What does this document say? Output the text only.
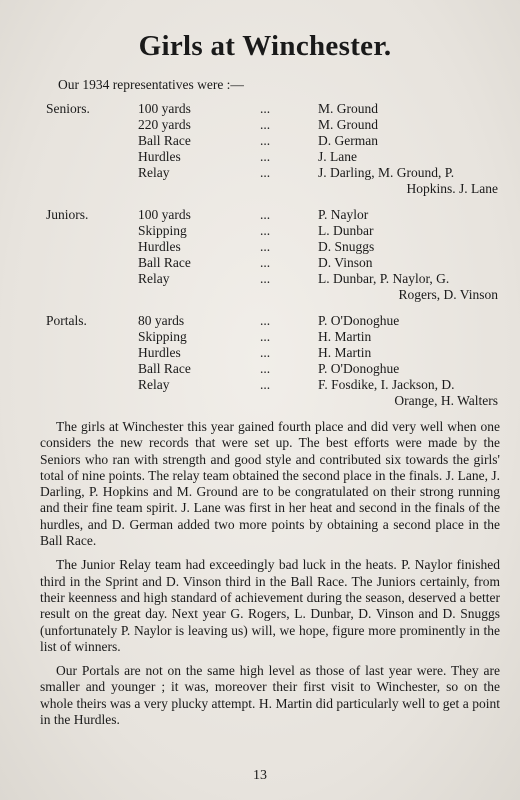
Girls at Winchester.
Our 1934 representatives were :—
Seniors.	100 yards	...	M. Ground

	220 yards	...	M. Ground

	Ball Race	...	D. German

	Hurdles	...	J. Lane

	Relay	...	J. Darling, M. Ground, P.
Hopkins. J. Lane

Juniors.	100 yards	...	P. Naylor

	Skipping	...	L. Dunbar

	Hurdles	...	D. Snuggs

	Ball Race	...	D. Vinson

	Relay	...	L. Dunbar, P. Naylor, G.
Rogers, D. Vinson

Portals.	80 yards	...	P. O'Donoghue

	Skipping	...	H. Martin

	Hurdles	...	H. Martin

	Ball Race	...	P. O'Donoghue

	Relay	...	F. Fosdike, I. Jackson, D.
Orange, H. Walters

The girls at Winchester this year gained fourth place and did very well when one considers the new records that were set up. The best efforts were made by the Seniors who ran with strength and good style and contributed six towards the girls' total of nine points. The relay team obtained the second place in the finals. J. Lane, J. Darling, P. Hopkins and M. Ground are to be congratulated on their strong running and their fine team spirit. J. Lane was first in her heat and second in the finals of the hurdles, and D. German added two more points by obtaining a second place in the Ball Race.

The Junior Relay team had exceedingly bad luck in the heats. P. Naylor finished third in the Sprint and D. Vinson third in the Ball Race. The Juniors certainly, from their keenness and high standard of achievement during the season, deserved a better result on the great day. Next year G. Rogers, L. Dunbar, D. Vinson and D. Snuggs (unfortunately P. Naylor is leaving us) will, we hope, figure more prominently in the list of winners.

Our Portals are not on the same high level as those of last year were. They are smaller and younger ; it was, moreover their first visit to Winchester, so on the whole theirs was a very plucky attempt. H. Martin did particularly well to get a point in the Hurdles.

13
